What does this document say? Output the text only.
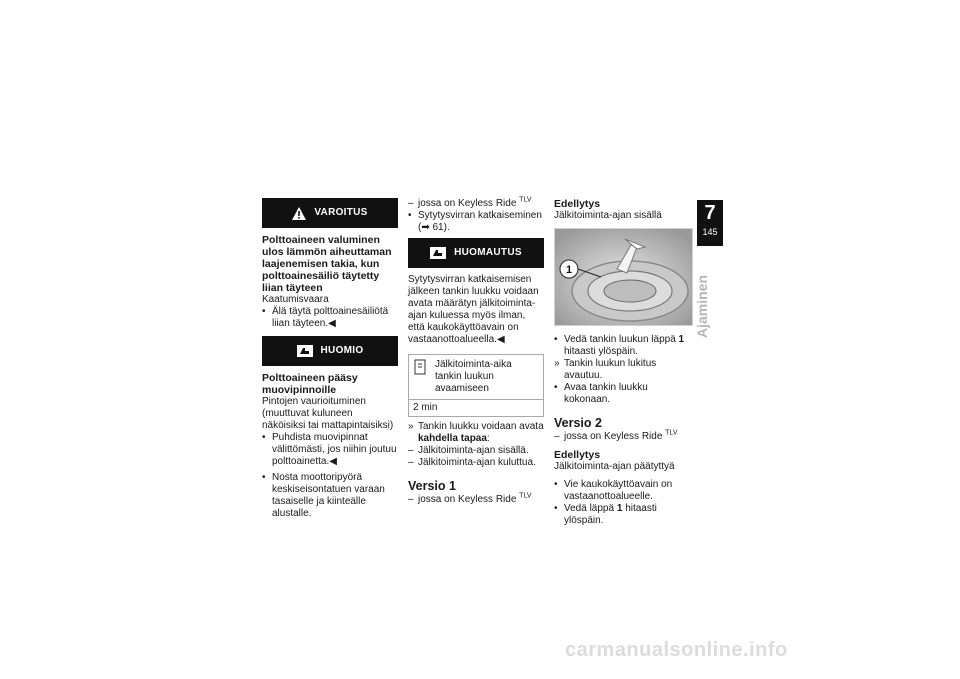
VAROITUS
Polttoaineen valuminen ulos lämmön aiheuttaman laajenemisen takia, kun polttoainesäiliö täytetty liian täyteen
Kaatumisvaara
• Älä täytä polttoainesäiliötä liian täyteen.◀
HUOMIO
Polttoaineen pääsy muovipinnoille
Pintojen vaurioituminen (muuttuvat kuluneen näköisiksi tai mattapintaisiksi)
• Puhdista muovipinnat välittömästi, jos niihin joutuu polttoainetta.◀
• Nosta moottoripyörä keskiseisontatuen varaan tasaiselle ja kiinteälle alustalle.
– jossa on Keyless Ride $^{TLV}$
• Sytytysvirran katkaiseminen (➡ 61).
HUOMAUTUS
Sytytysvirran katkaisemisen jälkeen tankin luukku voidaan avata määrätyn jälkitoiminta-ajan kuluessa myös ilman, että kaukokäyttöavain on vastaanottoalueella.◀
Jälkitoiminta-aika tankin luukun avaamiseen
2 min
» Tankin luukku voidaan avata kahdella tapaa:
– Jälkitoiminta-ajan sisällä.
– Jälkitoiminta-ajan kuluttua.
Versio 1
– jossa on Keyless Ride $^{TLV}$
Edellytys
Jälkitoiminta-ajan sisällä
1
• Vedä tankin luukun läppä 1 hitaasti ylöspäin.
» Tankin luukun lukitus avautuu.
• Avaa tankin luukku kokonaan.
Versio 2
– jossa on Keyless Ride $^{TLV}$
Edellytys
Jälkitoiminta-ajan päätyttyä
• Vie kaukokäyttöavain on vastaanottoalueelle.
• Vedä läppä 1 hitaasti ylöspäin.
7
145
Ajaminen
carmanualsonline.info
